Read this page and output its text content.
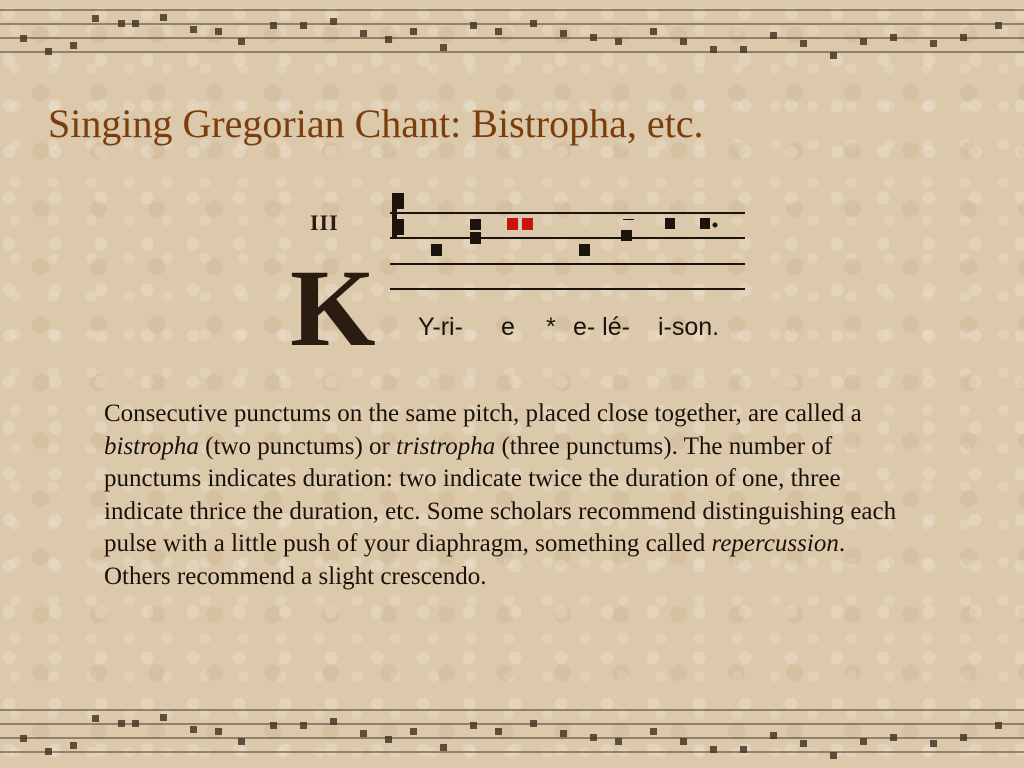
Singing Gregorian Chant: Bistropha, etc.
III
K Y-ri- e * e- lé- i-son.

Consecutive punctums on the same pitch, placed close together, are called a bistropha (two punctums) or tristropha (three punctums). The number of punctums indicates duration: two indicate twice the duration of one, three indicate thrice the duration, etc. Some scholars recommend distinguishing each pulse with a little push of your diaphragm, something called repercussion. Others recommend a slight crescendo.
